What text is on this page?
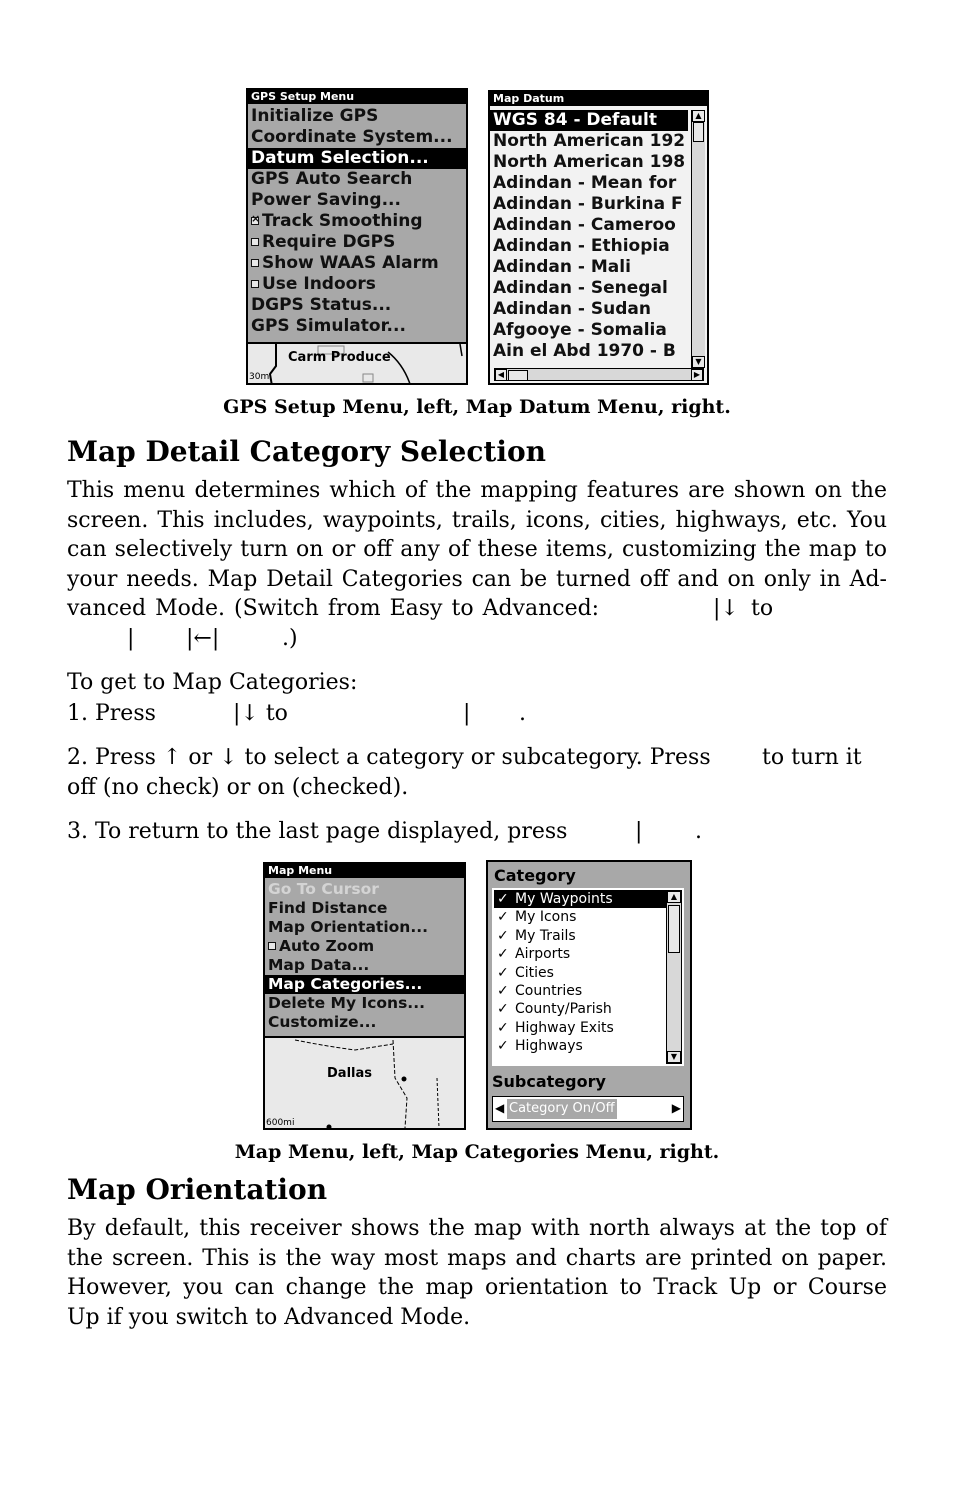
GPS Setup Menu
Initialize GPS
Coordinate System...
Datum Selection...
GPS Auto Search
Power Saving...
×Track Smoothing
Require DGPS
Show WAAS Alarm
Use Indoors
DGPS Status...
GPS Simulator...
Carm Produce
30mi
Map Datum
WGS 84 - Default
North American 192
North American 198
Adindan - Mean for
Adindan - Burkina F
Adindan - Cameroo
Adindan - Ethiopia
Adindan - Mali
Adindan - Senegal
Adindan - Sudan
Afgooye - Somalia
Ain el Abd 1970 - B
▲
▼
◀	▶
GPS Setup Menu, left, Map Datum Menu, right.
Map Detail Category Selection
This menu determines which of the mapping features are shown on the
screen. This includes, waypoints, trails, icons, cities, highways, etc. You
can selectively turn on or off any of these items, customizing the map to
your needs. Map Detail Categories can be turned off and on only in Ad-
vanced Mode. (Switch from Easy to Advanced:	|↓ to
| |←|	.)
To get to Map Categories:
1. Press	|↓ to	| .
2. Press ↑ or ↓ to select a category or subcategory. Press to turn it
off (no check) or on (checked).
3. To return to the last page displayed, press	| .
Map Menu
Go To Cursor
Find Distance
Map Orientation...
Auto Zoom
Map Data...
Map Categories...
Delete My Icons...
Customize...
Dallas
600mi
Category
✓ My Waypoints
✓ My Icons
✓ My Trails
✓ Airports
✓ Cities
✓ Countries
✓ County/Parish
✓ Highway Exits
✓ Highways
▲
▼
Subcategory
◀ Category On/Off	▶
Map Menu, left, Map Categories Menu, right.
Map Orientation
By default, this receiver shows the map with north always at the top of
the screen. This is the way most maps and charts are printed on paper.
However, you can change the map orientation to Track Up or Course
Up if you switch to Advanced Mode.
